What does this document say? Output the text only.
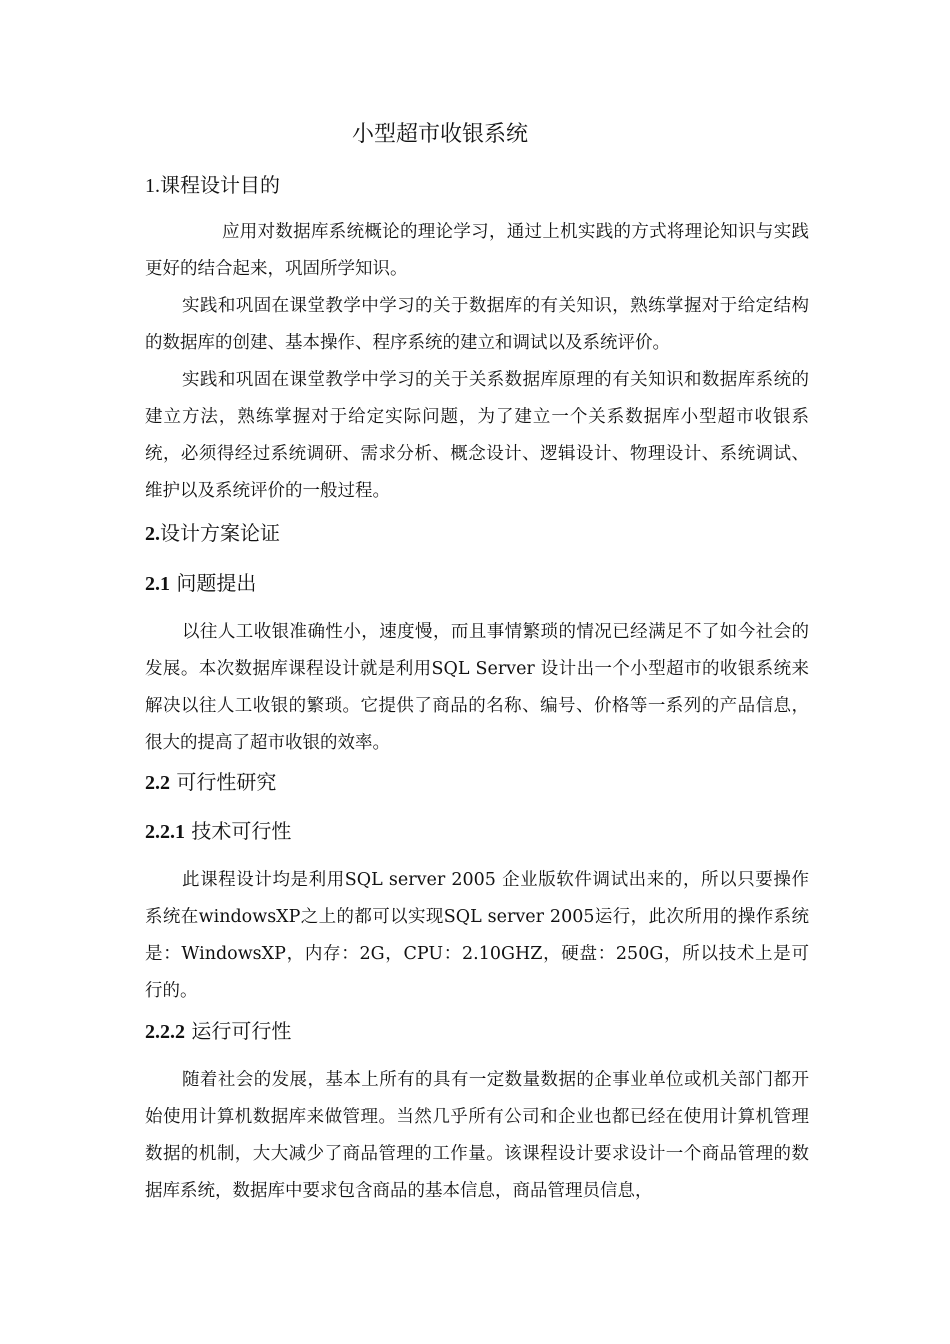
小型超市收银系统
1.课程设计目的
应用对数据库系统概论的理论学习，通过上机实践的方式将理论知识与实践更好的结合起来，巩固所学知识。
实践和巩固在课堂教学中学习的关于数据库的有关知识，熟练掌握对于给定结构的数据库的创建、基本操作、程序系统的建立和调试以及系统评价。
实践和巩固在课堂教学中学习的关于关系数据库原理的有关知识和数据库系统的建立方法，熟练掌握对于给定实际问题，为了建立一个关系数据库小型超市收银系统，必须得经过系统调研、需求分析、概念设计、逻辑设计、物理设计、系统调试、维护以及系统评价的一般过程。
2.设计方案论证
2.1 问题提出
以往人工收银准确性小，速度慢，而且事情繁琐的情况已经满足不了如今社会的发展。本次数据库课程设计就是利用SQL Server 设计出一个小型超市的收银系统来解决以往人工收银的繁琐。它提供了商品的名称、编号、价格等一系列的产品信息，很大的提高了超市收银的效率。
2.2 可行性研究
2.2.1 技术可行性
此课程设计均是利用SQL server 2005 企业版软件调试出来的，所以只要操作系统在windowsXP之上的都可以实现SQL server 2005运行，此次所用的操作系统是：WindowsXP，内存：2G，CPU：2.10GHZ，硬盘：250G，所以技术上是可行的。
2.2.2 运行可行性
随着社会的发展，基本上所有的具有一定数量数据的企事业单位或机关部门都开始使用计算机数据库来做管理。当然几乎所有公司和企业也都已经在使用计算机管理数据的机制，大大减少了商品管理的工作量。该课程设计要求设计一个商品管理的数据库系统，数据库中要求包含商品的基本信息，商品管理员信息，
